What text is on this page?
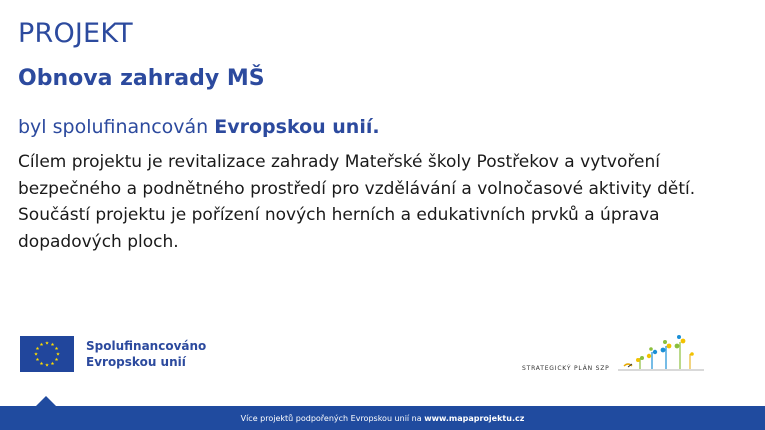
PROJEKT
Obnova zahrady MŠ
byl spolufinancován Evropskou unií.
Cílem projektu je revitalizace zahrady Mateřské školy Postřekov a vytvoření bezpečného a podnětného prostředí pro vzdělávání a volnočasové aktivity dětí. Součástí projektu je pořízení nových herních a edukativních prvků a úprava dopadových ploch.
Spolufinancováno
Evropskou unií	STRATEGICKÝ PLÁN SZP
Více projektů podpořených Evropskou unií na
www.mapaprojektu.cz
